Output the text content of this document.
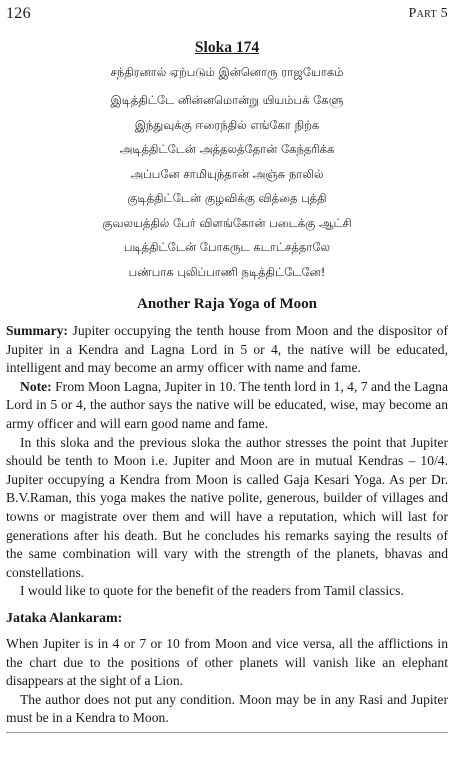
126	Part 5
Sloka 174
சந்திரனால் ஏற்படும் இன்னொரு ராஜயோகம்
இடித்திட்டே னின்னமொன்று யியம்பக் கேளு
இந்துவுக்கு ஈரைந்தில் எங்கோ நிற்க
அடித்திட்டேன் அத்தலத்தோன் கேந்தரிக்க
அப்பனே சாமியுந்தான் அஞ்சு நாலில்
குடித்திட்டேன் குழவிக்கு வித்தை புத்தி
குவலயத்தில் பேர் விளங்கோன் படைக்கு ஆட்சி
படித்திட்டேன் போகருட கடாட்சத்தாலே
பண்பாக புலிப்பாணி நடித்திட்டேனே!
Another Raja Yoga of Moon

Summary: Jupiter occupying the tenth house from Moon and the dispositor of Jupiter in a Kendra and Lagna Lord in 5 or 4, the native will be educated, intelligent and may become an army officer with name and fame.

Note: From Moon Lagna, Jupiter in 10. The tenth lord in 1, 4, 7 and the Lagna Lord in 5 or 4, the author says the native will be educated, wise, may become an army officer and will earn good name and fame.

In this sloka and the previous sloka the author stresses the point that Jupiter should be tenth to Moon i.e. Jupiter and Moon are in mutual Kendras – 10/4. Jupiter occupying a Kendra from Moon is called Gaja Kesari Yoga. As per Dr. B.V.Raman, this yoga makes the native polite, generous, builder of villages and towns or magistrate over them and will have a reputation, which will last for generations after his death. But he concludes his remarks saying the results of the same combination will vary with the strength of the planets, bhavas and constellations.

I would like to quote for the benefit of the readers from Tamil classics.

Jataka Alankaram:

When Jupiter is in 4 or 7 or 10 from Moon and vice versa, all the afflictions in the chart due to the positions of other planets will vanish like an elephant disappears at the sight of a Lion.

The author does not put any condition. Moon may be in any Rasi and Jupiter must be in a Kendra to Moon.
